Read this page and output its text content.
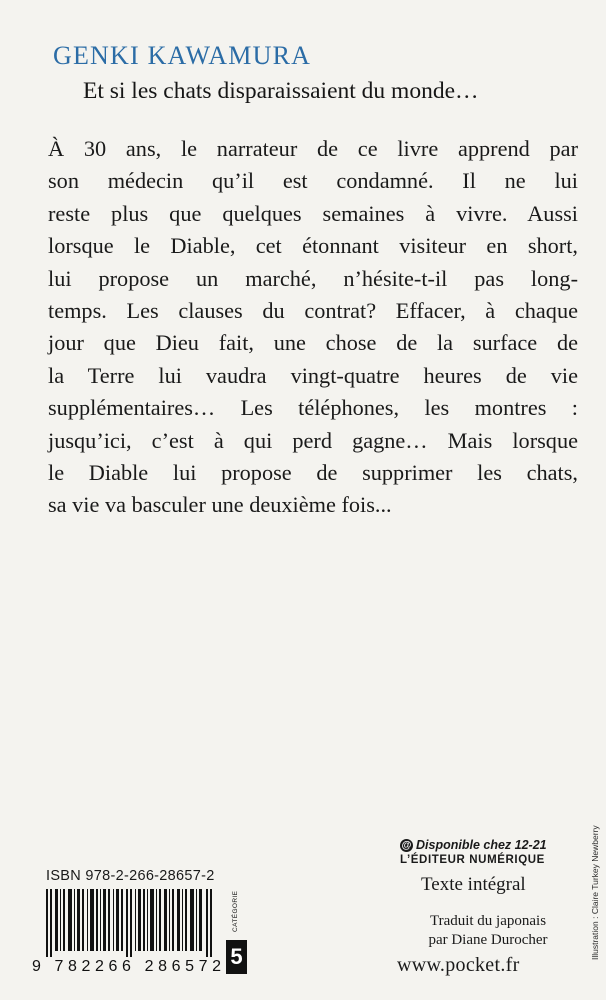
GENKI KAWAMURA
Et si les chats disparaissaient du monde…
À 30 ans, le narrateur de ce livre apprend par
son médecin qu’il est condamné. Il ne lui
reste plus que quelques semaines à vivre. Aussi
lorsque le Diable, cet étonnant visiteur en short,
lui propose un marché, n’hésite-t-il pas long-
temps. Les clauses du contrat? Effacer, à chaque
jour que Dieu fait, une chose de la surface de
la Terre lui vaudra vingt-quatre heures de vie
supplémentaires… Les téléphones, les montres :
jusqu’ici, c’est à qui perd gagne… Mais lorsque
le Diable lui propose de supprimer les chats,
sa vie va basculer une deuxième fois...
@ Disponible chez 12-21
L’ÉDITEUR NUMÉRIQUE
Texte intégral
Traduit du japonais
par Diane Durocher
www.pocket.fr
Illustration : Claire Turkey Newberry
ISBN 978-2-266-28657-2
9 782266 286572
CATÉGORIE
5
